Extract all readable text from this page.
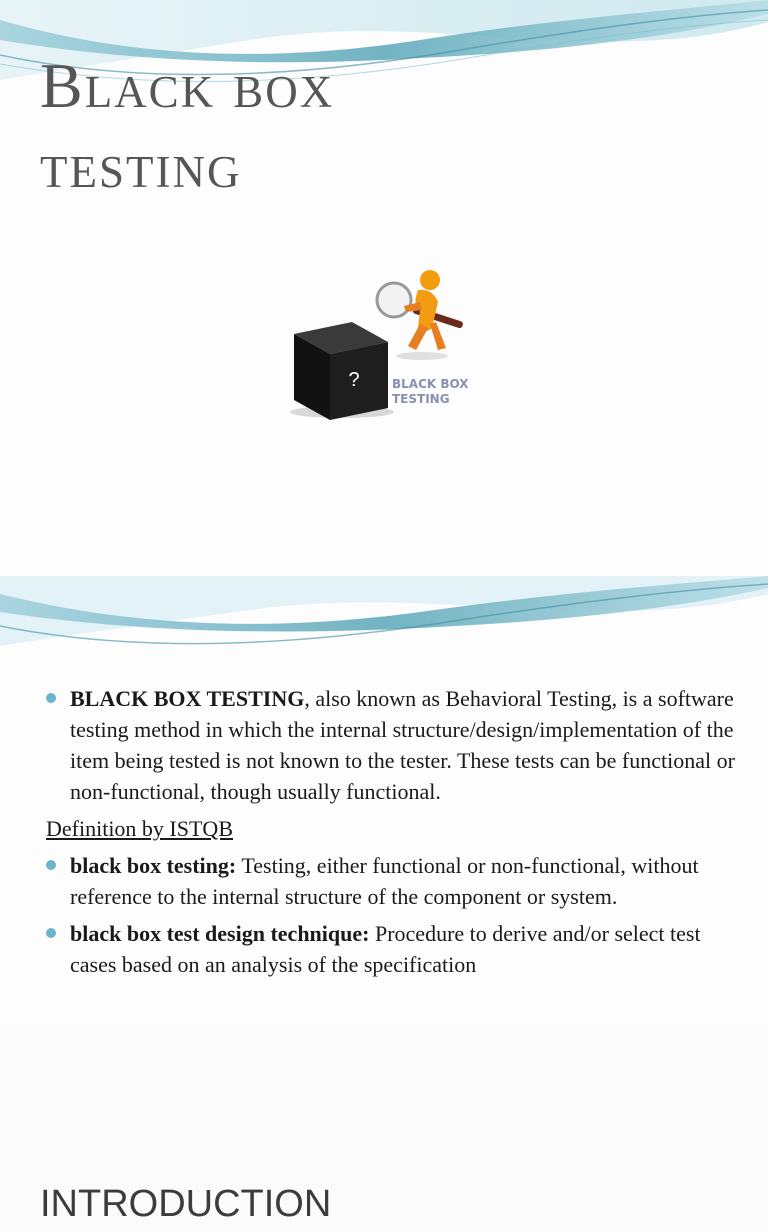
Black box
testing
?	BLACK BOX
TESTING
INTRODUCTION

BLACK BOX TESTING, also known as Behavioral Testing, is a software testing method in which the internal structure/design/implementation of the item being tested is not known to the tester. These tests can be functional or non-functional, though usually functional.

Definition by ISTQB

black box testing: Testing, either functional or non-functional, without reference to the internal structure of the component or system.

black box test design technique: Procedure to derive and/or select test cases based on an analysis of the specification
